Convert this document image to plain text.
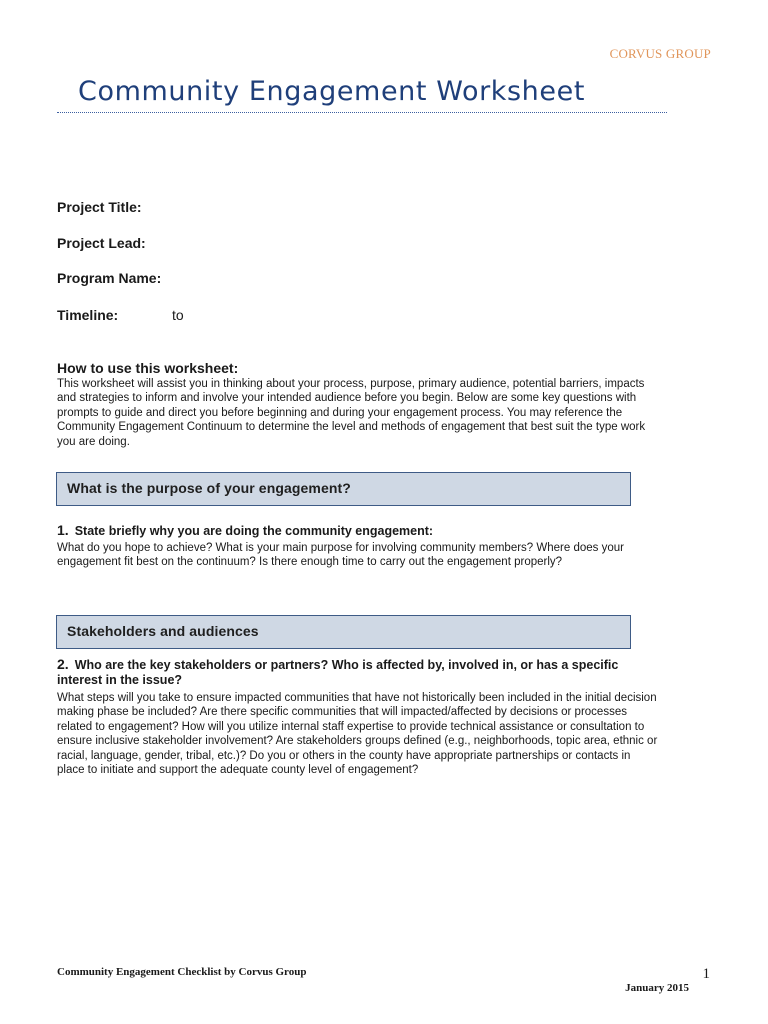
CORVUS GROUP
Community Engagement Worksheet
Project Title:
Project Lead:
Program Name:
Timeline:	to
How to use this worksheet:
This worksheet will assist you in thinking about your process, purpose, primary audience, potential barriers, impacts
and strategies to inform and involve your intended audience before you begin. Below are some key questions with
prompts to guide and direct you before beginning and during your engagement process. You may reference the
Community Engagement Continuum to determine the level and methods of engagement that best suit the type work
you are doing.
What is the purpose of your engagement?
1. State briefly why you are doing the community engagement:
What do you hope to achieve? What is your main purpose for involving community members? Where does your
engagement fit best on the continuum? Is there enough time to carry out the engagement properly?
Stakeholders and audiences
2. Who are the key stakeholders or partners? Who is affected by, involved in, or has a specific
interest in the issue?
What steps will you take to ensure impacted communities that have not historically been included in the initial decision
making phase be included? Are there specific communities that will impacted/affected by decisions or processes
related to engagement? How will you utilize internal staff expertise to provide technical assistance or consultation to
ensure inclusive stakeholder involvement? Are stakeholders groups defined (e.g., neighborhoods, topic area, ethnic or
racial, language, gender, tribal, etc.)? Do you or others in the county have appropriate partnerships or contacts in
place to initiate and support the adequate county level of engagement?
Community Engagement Checklist by Corvus Group	1
January 2015
